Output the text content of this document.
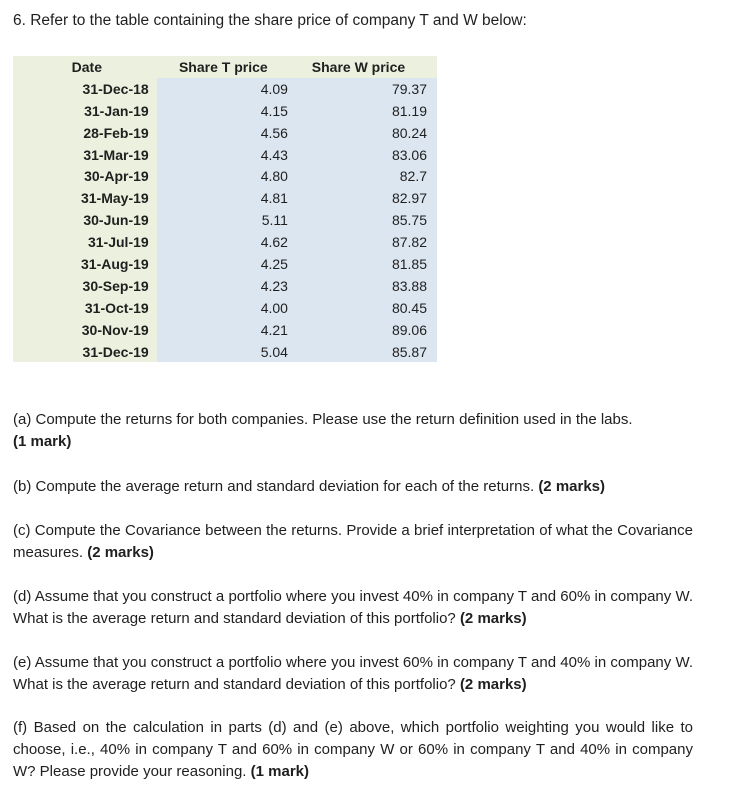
6. Refer to the table containing the share price of company T and W below:
Date	Share T price	Share W price
31-Dec-18	4.09	79.37
31-Jan-19	4.15	81.19
28-Feb-19	4.56	80.24
31-Mar-19	4.43	83.06
30-Apr-19	4.80	82.7
31-May-19	4.81	82.97
30-Jun-19	5.11	85.75
31-Jul-19	4.62	87.82
31-Aug-19	4.25	81.85
30-Sep-19	4.23	83.88
31-Oct-19	4.00	80.45
30-Nov-19	4.21	89.06
31-Dec-19	5.04	85.87
(a) Compute the returns for both companies. Please use the return definition used in the labs.
(1 mark)
(b) Compute the average return and standard deviation for each of the returns. (2 marks)
(c) Compute the Covariance between the returns. Provide a brief interpretation of what the Covariance measures. (2 marks)
(d) Assume that you construct a portfolio where you invest 40% in company T and 60% in company W. What is the average return and standard deviation of this portfolio? (2 marks)
(e) Assume that you construct a portfolio where you invest 60% in company T and 40% in company W. What is the average return and standard deviation of this portfolio? (2 marks)
(f) Based on the calculation in parts (d) and (e) above, which portfolio weighting you would like to choose, i.e., 40% in company T and 60% in company W or 60% in company T and 40% in company W? Please provide your reasoning. (1 mark)
